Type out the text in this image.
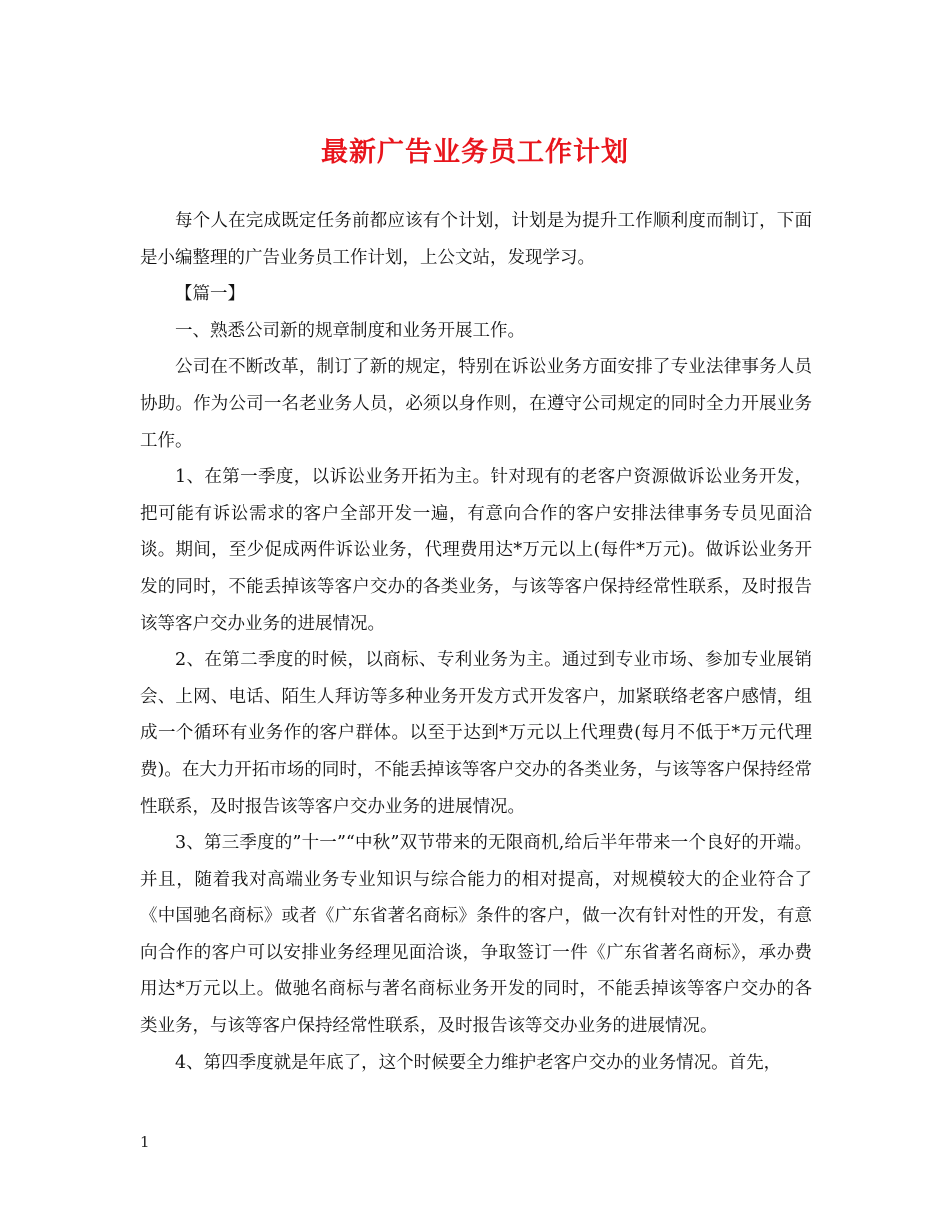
最新广告业务员工作计划

每个人在完成既定任务前都应该有个计划，计划是为提升工作顺利度而制订，下面是小编整理的广告业务员工作计划，上公文站，发现学习。

【篇一】

一、熟悉公司新的规章制度和业务开展工作。

公司在不断改革，制订了新的规定，特别在诉讼业务方面安排了专业法律事务人员协助。作为公司一名老业务人员，必须以身作则，在遵守公司规定的同时全力开展业务工作。

1、在第一季度，以诉讼业务开拓为主。针对现有的老客户资源做诉讼业务开发，把可能有诉讼需求的客户全部开发一遍，有意向合作的客户安排法律事务专员见面洽谈。期间，至少促成两件诉讼业务，代理费用达*万元以上(每件*万元)。做诉讼业务开发的同时，不能丢掉该等客户交办的各类业务，与该等客户保持经常性联系，及时报告该等客户交办业务的进展情况。

2、在第二季度的时候，以商标、专利业务为主。通过到专业市场、参加专业展销会、上网、电话、陌生人拜访等多种业务开发方式开发客户，加紧联络老客户感情，组成一个循环有业务作的客户群体。以至于达到*万元以上代理费(每月不低于*万元代理费)。在大力开拓市场的同时，不能丢掉该等客户交办的各类业务，与该等客户保持经常性联系，及时报告该等客户交办业务的进展情况。

3、第三季度的”十一”“中秋”双节带来的无限商机,给后半年带来一个良好的开端。并且，随着我对高端业务专业知识与综合能力的相对提高，对规模较大的企业符合了《中国驰名商标》或者《广东省著名商标》条件的客户，做一次有针对性的开发，有意向合作的客户可以安排业务经理见面洽谈，争取签订一件《广东省著名商标》，承办费用达*万元以上。做驰名商标与著名商标业务开发的同时，不能丢掉该等客户交办的各类业务，与该等客户保持经常性联系，及时报告该等交办业务的进展情况。

4、第四季度就是年底了，这个时候要全力维护老客户交办的业务情况。首先，

1
